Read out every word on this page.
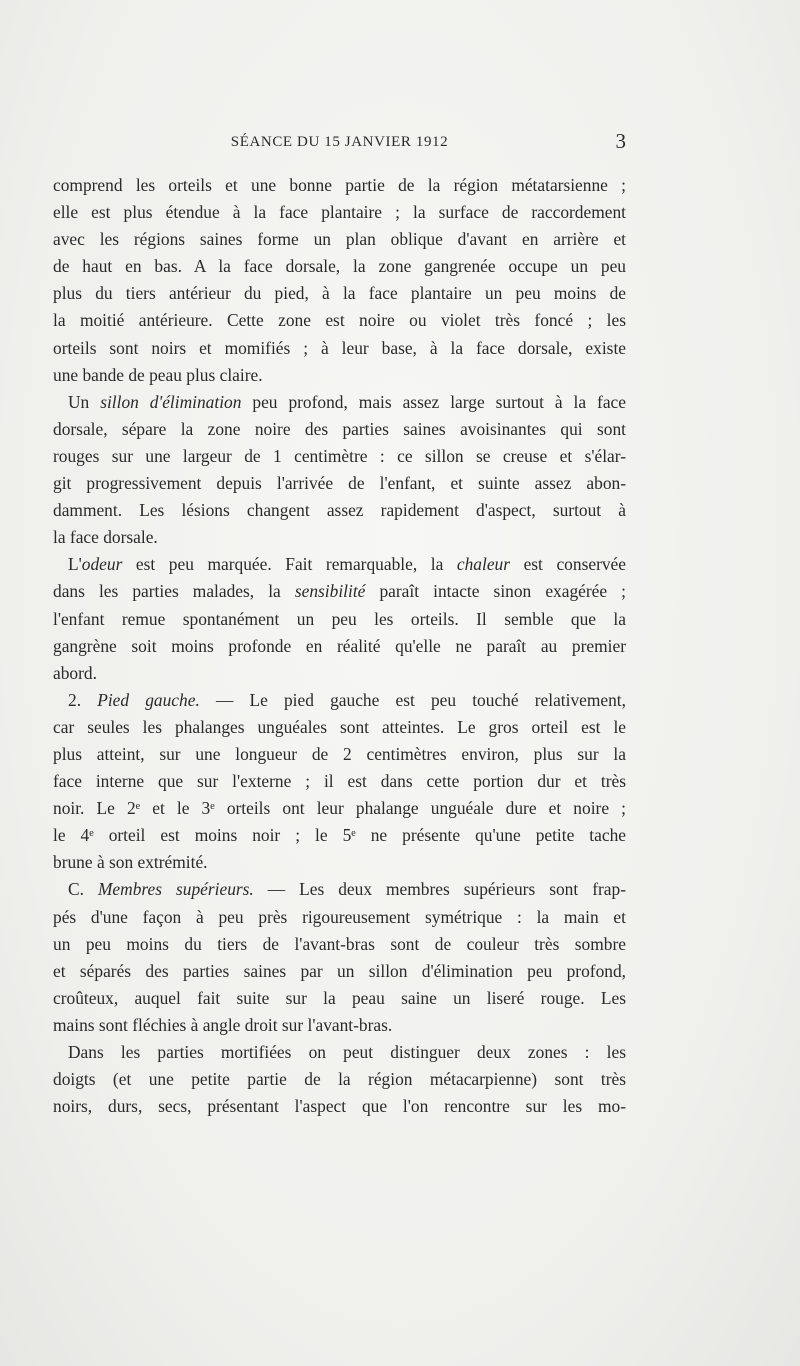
SÉANCE DU 15 JANVIER 1912	3
comprend les orteils et une bonne partie de la région métatarsienne ;
elle est plus étendue à la face plantaire ; la surface de raccordement
avec les régions saines forme un plan oblique d'avant en arrière et
de haut en bas. A la face dorsale, la zone gangrenée occupe un peu
plus du tiers antérieur du pied, à la face plantaire un peu moins de
la moitié antérieure. Cette zone est noire ou violet très foncé ; les
orteils sont noirs et momifiés ; à leur base, à la face dorsale, existe
une bande de peau plus claire.
Un sillon d'élimination peu profond, mais assez large surtout à la face
dorsale, sépare la zone noire des parties saines avoisinantes qui sont
rouges sur une largeur de 1 centimètre : ce sillon se creuse et s'élar-
git progressivement depuis l'arrivée de l'enfant, et suinte assez abon-
damment. Les lésions changent assez rapidement d'aspect, surtout à
la face dorsale.
L'odeur est peu marquée. Fait remarquable, la chaleur est conservée
dans les parties malades, la sensibilité paraît intacte sinon exagérée ;
l'enfant remue spontanément un peu les orteils. Il semble que la
gangrène soit moins profonde en réalité qu'elle ne paraît au premier
abord.
2. Pied gauche. — Le pied gauche est peu touché relativement,
car seules les phalanges unguéales sont atteintes. Le gros orteil est le
plus atteint, sur une longueur de 2 centimètres environ, plus sur la
face interne que sur l'externe ; il est dans cette portion dur et très
noir. Le 2ᵉ et le 3ᵉ orteils ont leur phalange unguéale dure et noire ;
le 4ᵉ orteil est moins noir ; le 5ᵉ ne présente qu'une petite tache
brune à son extrémité.
C. Membres supérieurs. — Les deux membres supérieurs sont frap-
pés d'une façon à peu près rigoureusement symétrique : la main et
un peu moins du tiers de l'avant-bras sont de couleur très sombre
et séparés des parties saines par un sillon d'élimination peu profond,
croûteux, auquel fait suite sur la peau saine un liseré rouge. Les
mains sont fléchies à angle droit sur l'avant-bras.
Dans les parties mortifiées on peut distinguer deux zones : les
doigts (et une petite partie de la région métacarpienne) sont très
noirs, durs, secs, présentant l'aspect que l'on rencontre sur les mo-
